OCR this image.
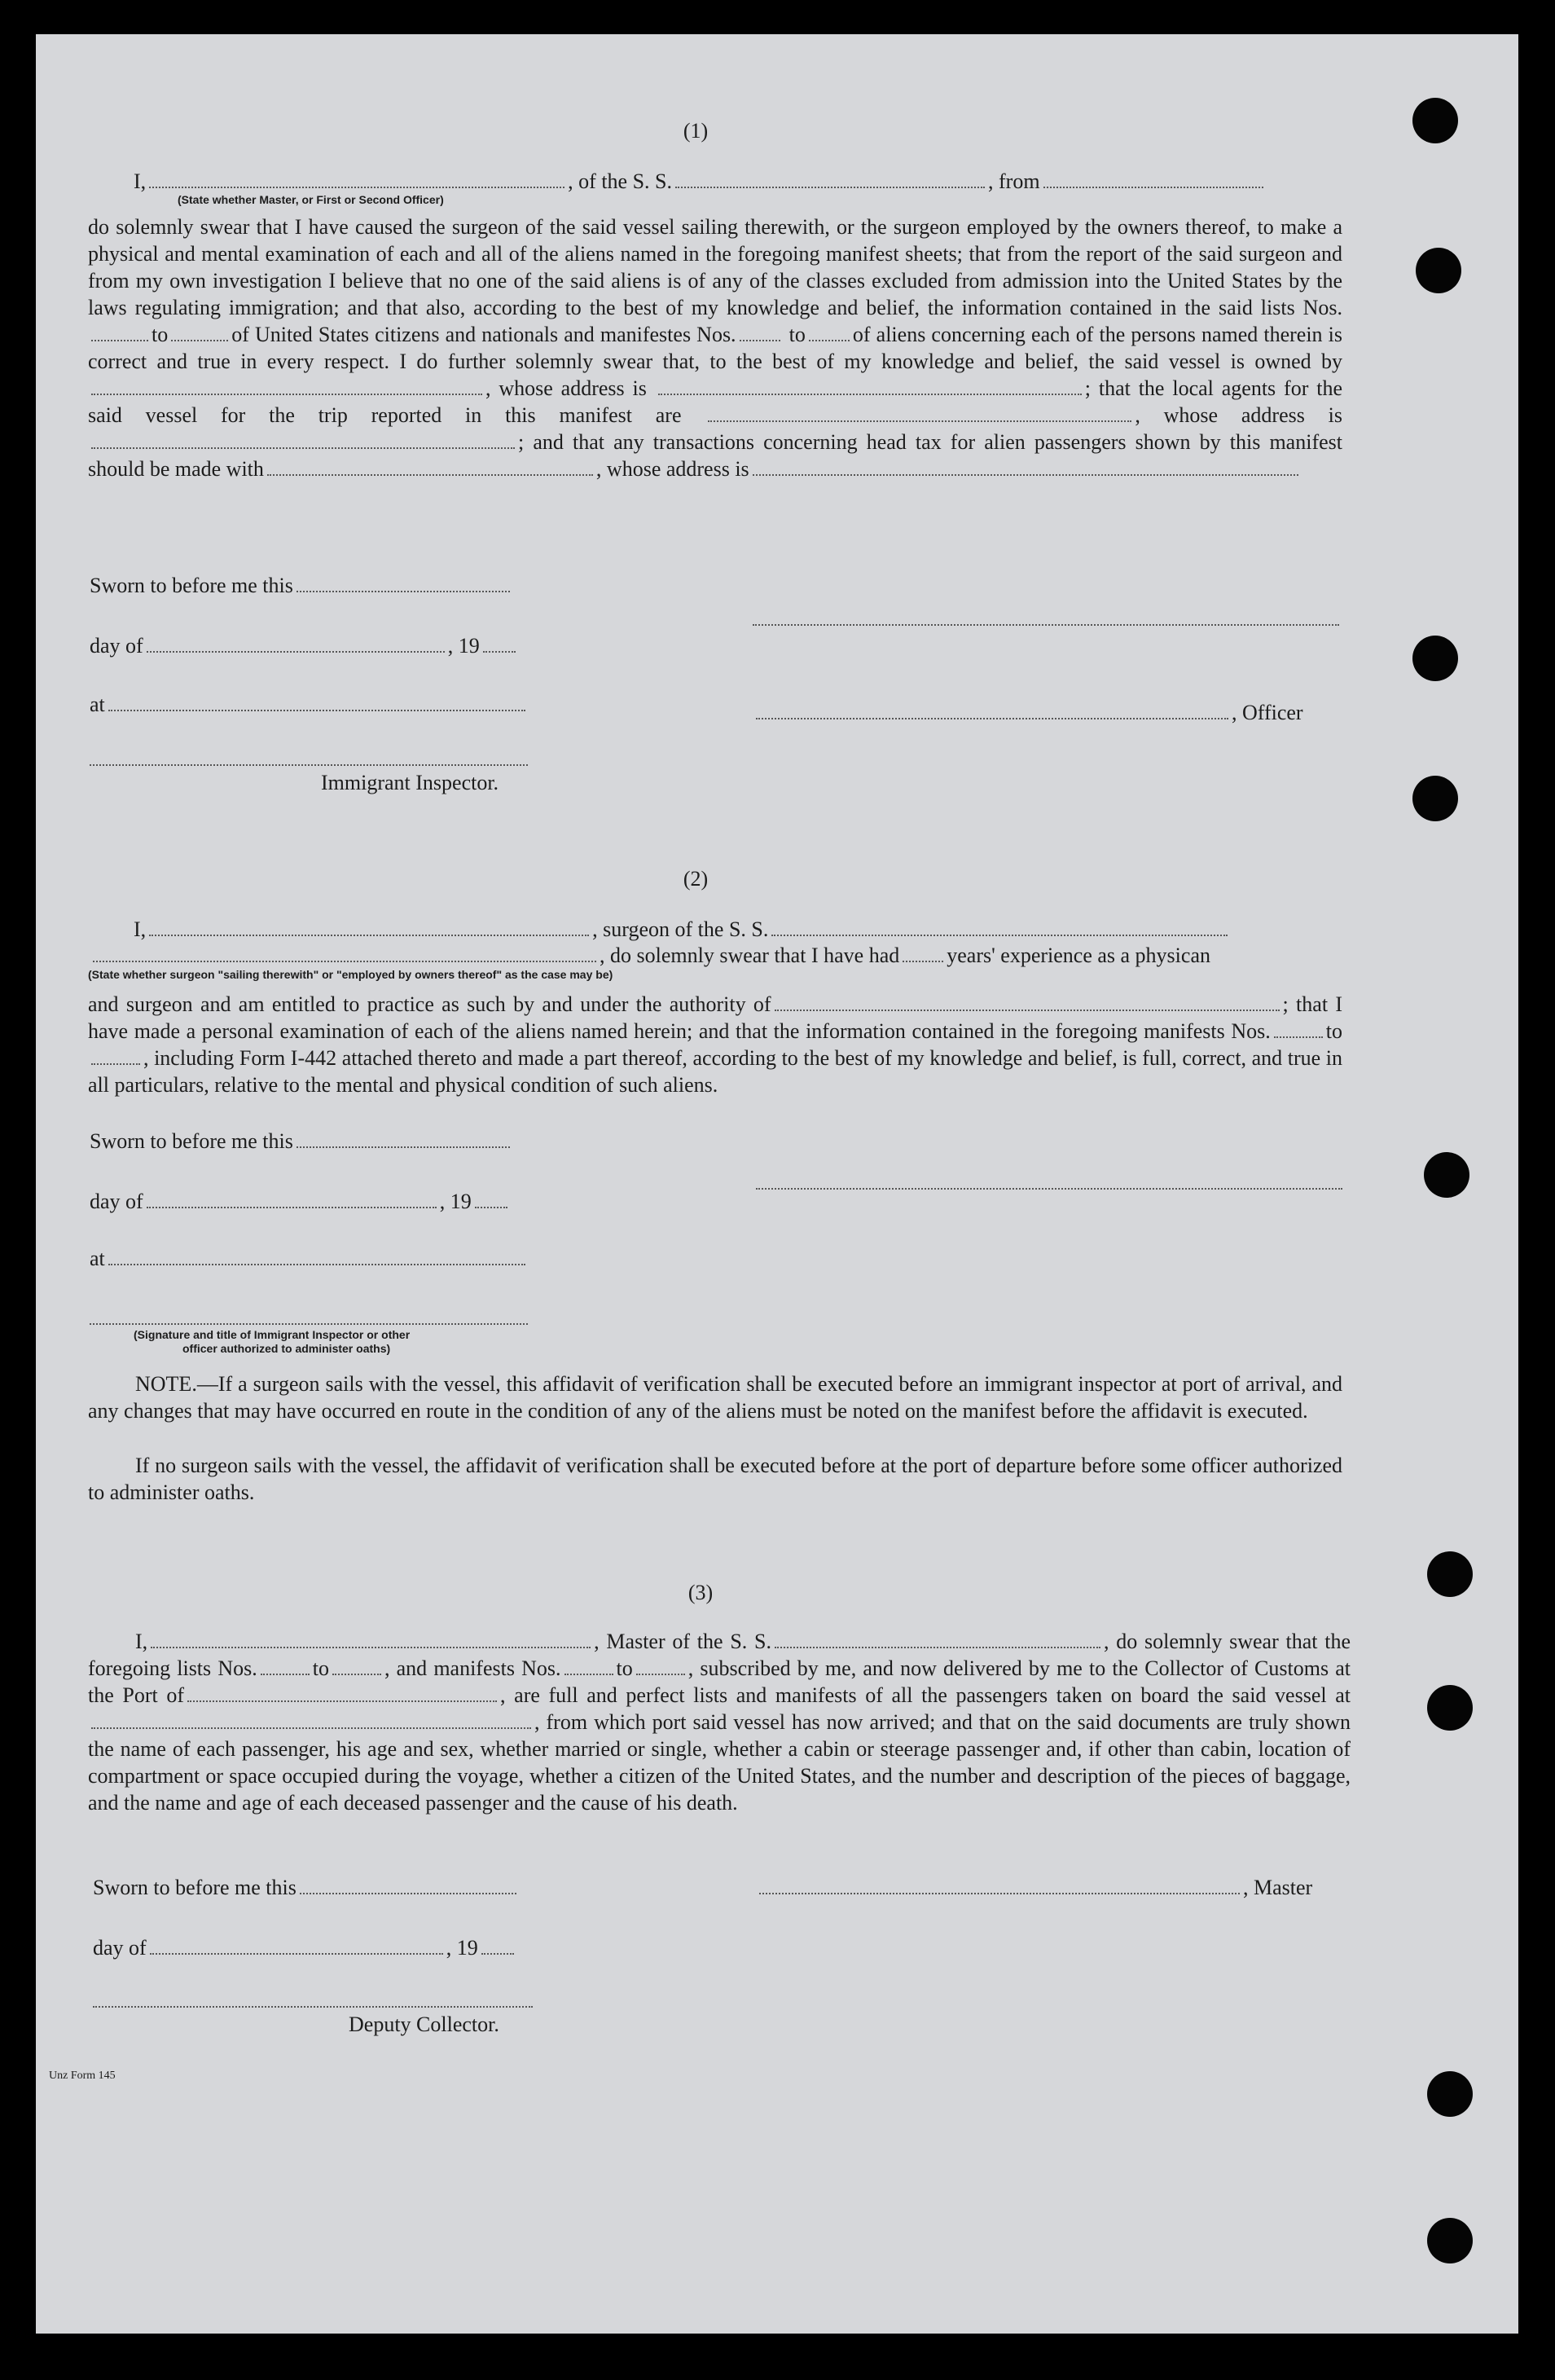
(1)
I,	, of the S. S.	, from
(State whether Master, or First or Second Officer)
do solemnly swear that I have caused the surgeon of the said vessel sailing therewith, or the surgeon employed by the owners thereof, to make a physical and mental examination of each and all of the aliens named in the foregoing manifest sheets; that from the report of the said surgeon and from my own investigation I believe that no one of the said aliens is of any of the classes excluded from admission into the United States by the laws regulating immigration; and that also, according to the best of my knowledge and belief, the information contained in the said lists Nos.to	of United States citizens and nationals and manifestes Nos.	to of aliens concerning each of the persons named therein is correct and true in every respect. I do further solemnly swear that, to the best of my knowledge and belief, the said vessel is owned by, whose address is	; that the local agents for the said vessel for the trip reported in this manifest are	, whose address is; and that any transactions concerning head tax for alien passengers shown by this manifest should be made with	, whose address is
Sworn to before me this
day of	, 19
at	, Officer
Immigrant Inspector.
(2)
I,	, surgeon of the S. S.
, do solemnly swear that I have had years' experience as a physican
(State whether surgeon "sailing therewith" or "employed by owners thereof" as the case may be)
and surgeon and am entitled to practice as such by and under the authority of	; that I have made a personal examination of each of the aliens named herein; and that the information contained in the foregoing manifests Nos.	to, including Form I-442 attached thereto and made a part thereof, according to the best of my knowledge and belief, is full, correct, and true in all particulars, relative to the mental and physical condition of such aliens.
Sworn to before me this
day of	, 19
at
(Signature and title of Immigrant Inspector or other
officer authorized to administer oaths)
NOTE.—If a surgeon sails with the vessel, this affidavit of verification shall be executed before an immigrant inspector at port of arrival, and any changes that may have occurred en route in the condition of any of the aliens must be noted on the manifest before the affidavit is executed.
If no surgeon sails with the vessel, the affidavit of verification shall be executed before at the port of departure before some officer authorized to administer oaths.
(3)
I,	, Master of the S. S.	, do solemnly swear that the foregoing lists Nos.	to	, and manifests Nos.	to	, subscribed by me, and now delivered by me to the Collector of Customs at the Port of	, are full and perfect lists and manifests of all the passengers taken on board the said vessel at, from which port said vessel has now arrived; and that on the said documents are truly shown the name of each passenger, his age and sex, whether married or single, whether a cabin or steerage passenger and, if other than cabin, location of compartment or space occupied during the voyage, whether a citizen of the United States, and the number and description of the pieces of baggage, and the name and age of each deceased passenger and the cause of his death.
Sworn to before me this	, Master
day of	, 19
Deputy Collector.
Unz Form 145
